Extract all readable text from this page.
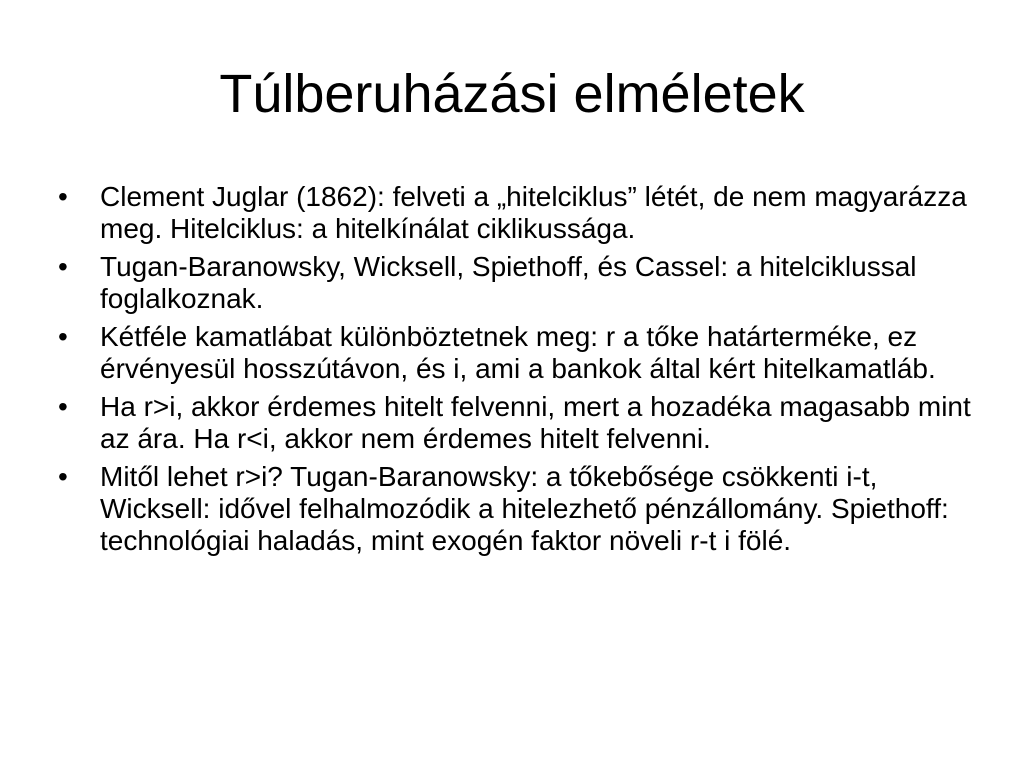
Túlberuházási elméletek
•	Clement Juglar (1862): felveti a „hitelciklus” létét, de nem magyarázza meg. Hitelciklus: a hitelkínálat ciklikussága.
•	Tugan-Baranowsky, Wicksell, Spiethoff, és Cassel: a hitelciklussal foglalkoznak.
•	Kétféle kamatlábat különböztetnek meg: r a tőke határterméke, ez érvényesül hosszútávon, és i, ami a bankok által kért hitelkamatláb.
•	Ha r>i, akkor érdemes hitelt felvenni, mert a hozadéka magasabb mint az ára. Ha r<i, akkor nem érdemes hitelt felvenni.
•	Mitől lehet r>i? Tugan-Baranowsky: a tőkebősége csökkenti i-t, Wicksell: idővel felhalmozódik a hitelezhető pénzállomány. Spiethoff: technológiai haladás, mint exogén faktor növeli r-t i fölé.
